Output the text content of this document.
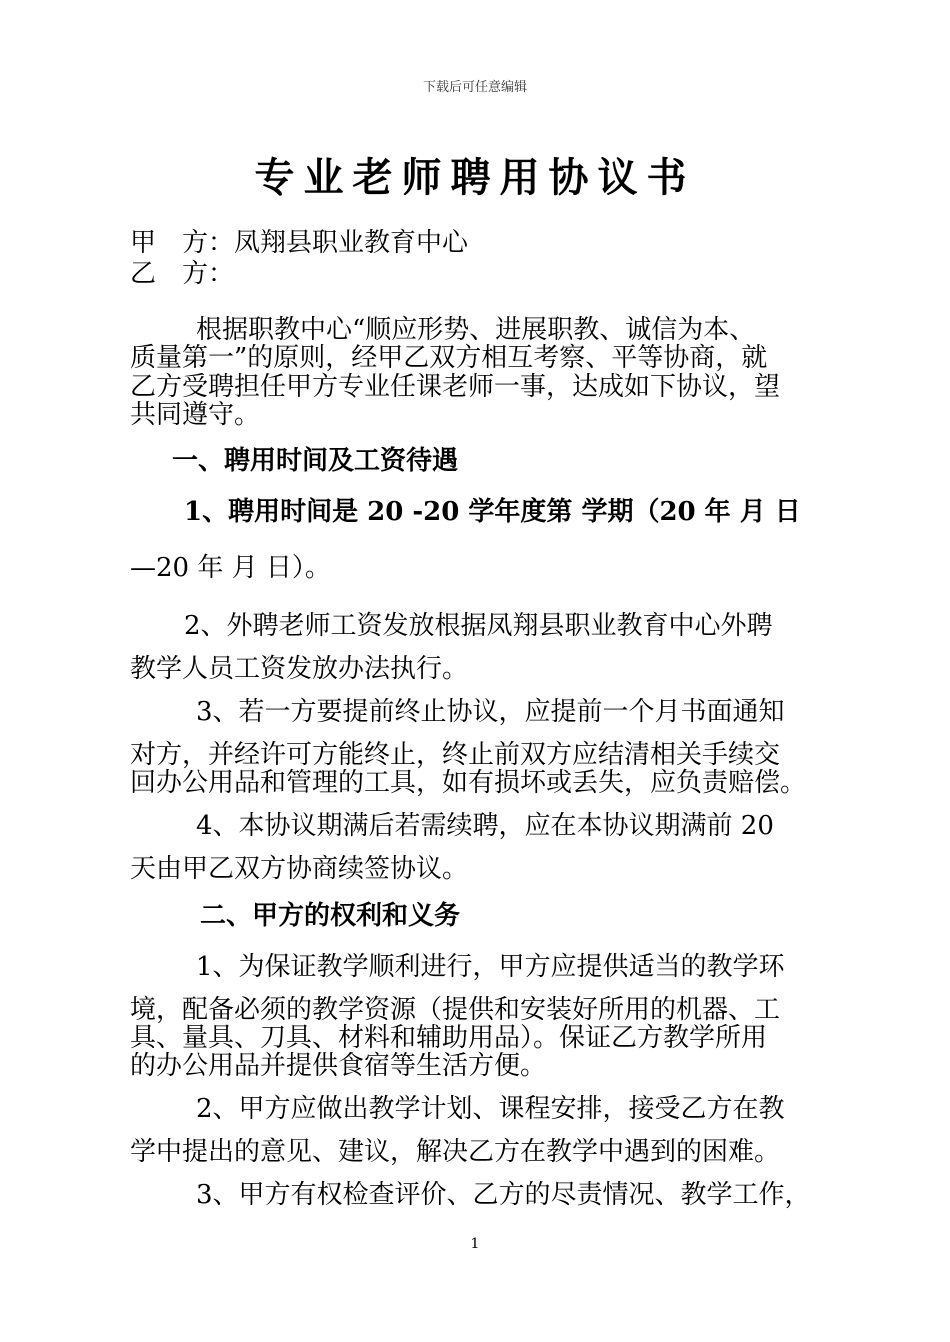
下载后可任意编辑
专业老师聘用协议书
甲　方：凤翔县职业教育中心
乙　方：
根据职教中心“顺应形势、进展职教、诚信为本、
质量第一”的原则，经甲乙双方相互考察、平等协商，就
乙方受聘担任甲方专业任课老师一事，达成如下协议，望
共同遵守。
一、聘用时间及工资待遇
1、聘用时间是 20 -20 学年度第 学期（20 年 月 日
—20 年 月 日）。
2、外聘老师工资发放根据凤翔县职业教育中心外聘
教学人员工资发放办法执行。
3、若一方要提前终止协议，应提前一个月书面通知
对方，并经许可方能终止，终止前双方应结清相关手续交
回办公用品和管理的工具，如有损坏或丢失，应负责赔偿。
4、本协议期满后若需续聘，应在本协议期满前 20
天由甲乙双方协商续签协议。
二、甲方的权利和义务
1、为保证教学顺利进行，甲方应提供适当的教学环
境，配备必须的教学资源（提供和安装好所用的机器、工
具、量具、刀具、材料和辅助用品）。保证乙方教学所用
的办公用品并提供食宿等生活方便。
2、甲方应做出教学计划、课程安排，接受乙方在教
学中提出的意见、建议，解决乙方在教学中遇到的困难。
3、甲方有权检查评价、乙方的尽责情况、教学工作，
1
